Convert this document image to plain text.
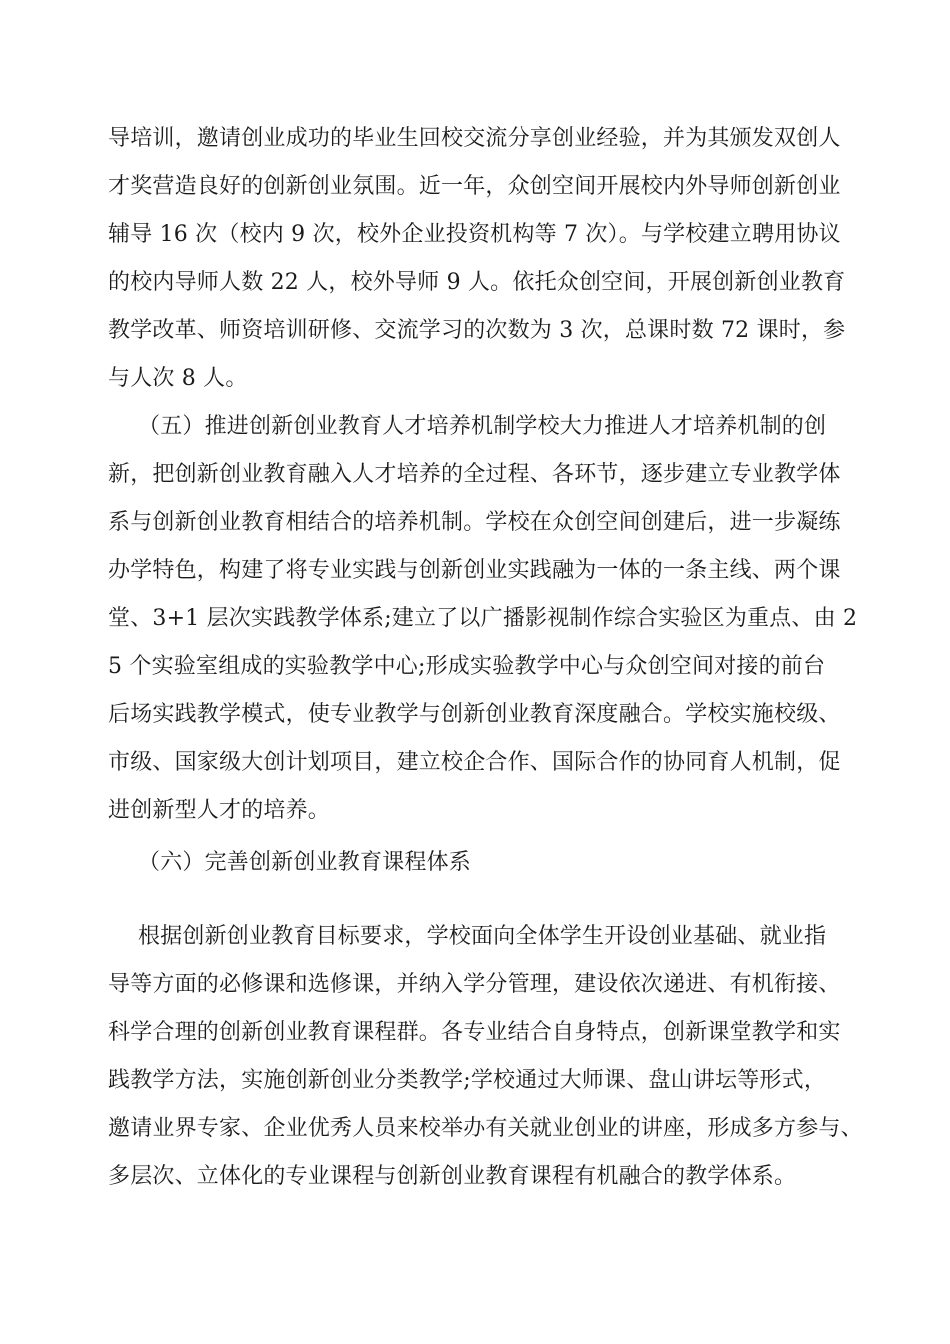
导培训，邀请创业成功的毕业生回校交流分享创业经验，并为其颁发双创人
才奖营造良好的创新创业氛围。近一年，众创空间开展校内外导师创新创业
辅导 16 次（校内 9 次，校外企业投资机构等 7 次）。与学校建立聘用协议
的校内导师人数 22 人，校外导师 9 人。依托众创空间，开展创新创业教育
教学改革、师资培训研修、交流学习的次数为 3 次，总课时数 72 课时，参
与人次 8 人。
（五）推进创新创业教育人才培养机制学校大力推进人才培养机制的创
新，把创新创业教育融入人才培养的全过程、各环节，逐步建立专业教学体
系与创新创业教育相结合的培养机制。学校在众创空间创建后，进一步凝练
办学特色，构建了将专业实践与创新创业实践融为一体的一条主线、两个课
堂、3+1 层次实践教学体系;建立了以广播影视制作综合实验区为重点、由 2
5 个实验室组成的实验教学中心;形成实验教学中心与众创空间对接的前台
后场实践教学模式，使专业教学与创新创业教育深度融合。学校实施校级、
市级、国家级大创计划项目，建立校企合作、国际合作的协同育人机制，促
进创新型人才的培养。
（六）完善创新创业教育课程体系
根据创新创业教育目标要求，学校面向全体学生开设创业基础、就业指
导等方面的必修课和选修课，并纳入学分管理，建设依次递进、有机衔接、
科学合理的创新创业教育课程群。各专业结合自身特点，创新课堂教学和实
践教学方法，实施创新创业分类教学;学校通过大师课、盘山讲坛等形式，
邀请业界专家、企业优秀人员来校举办有关就业创业的讲座，形成多方参与、
多层次、立体化的专业课程与创新创业教育课程有机融合的教学体系。
